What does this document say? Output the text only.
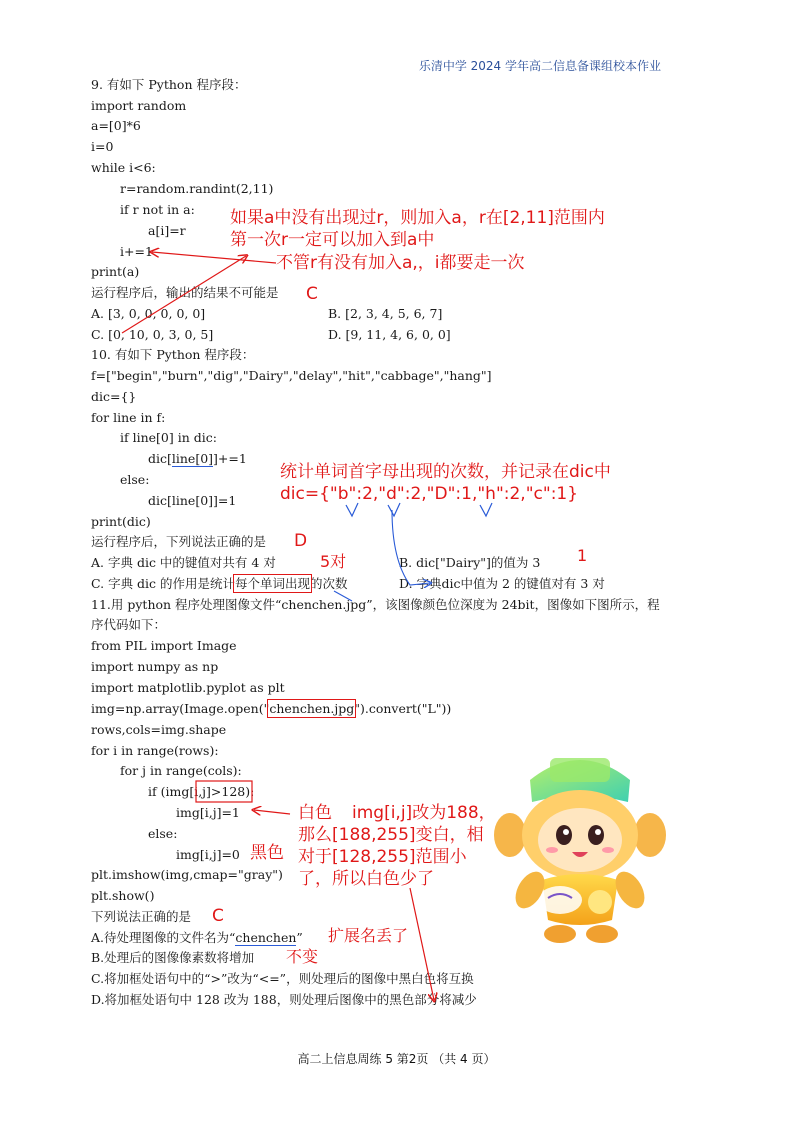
乐清中学 2024 学年高二信息备课组校本作业
9. 有如下 Python 程序段：
import random
a=[0]*6
i=0
while i<6:
r=random.randint(2,11)
if r not in a:
a[i]=r
i+=1
print(a)
运行程序后，输出的结果不可能是
A. [3, 0, 0, 0, 0, 0]	B. [2, 3, 4, 5, 6, 7]
C. [0, 10, 0, 3, 0, 5]	D. [9, 11, 4, 6, 0, 0]
如果a中没有出现过r，则加入a，r在[2,11]范围内
第一次r一定可以加入到a中
不管r有没有加入a,，i都要走一次
C
10. 有如下 Python 程序段：
f=["begin","burn","dig","Dairy","delay","hit","cabbage","hang"]
dic={}
for line in f:
if line[0] in dic:
dic[line[0]]+=1
else:
dic[line[0]]=1
print(dic)
运行程序后，下列说法正确的是
A. 字典 dic 中的键值对共有 4 对	B. dic["Dairy"]的值为 3
C. 字典 dic 的作用是统计每个单词出现的次数	D. 字典dic中值为 2 的键值对有 3 对
统计单词首字母出现的次数，并记录在dic中
dic={"b":2,"d":2,"D":1,"h":2,"c":1}
D
5对	1
11.用 python 程序处理图像文件“chenchen.jpg”，该图像颜色位深度为 24bit，图像如下图所示，程
序代码如下：
from PIL import Image
import numpy as np
import matplotlib.pyplot as plt
img=np.array(Image.open("chenchen.jpg").convert("L"))
rows,cols=img.shape
for i in range(rows):
for j in range(cols):
if (img[i,j]>128):
img[i,j]=1
else:
img[i,j]=0
plt.imshow(img,cmap="gray")
plt.show()
下列说法正确的是
A.待处理图像的文件名为“chenchen”
B.处理后的图像像素数将增加
C.将加框处语句中的“>”改为“<=”，则处理后的图像中黑白色将互换
D.将加框处语句中 128 改为 188，则处理后图像中的黑色部分将减少
白色
黑色
img[i,j]改为188，
那么[188,255]变白，相
对于[128,255]范围小
了，所以白色少了
C
扩展名丢了
不变
高二上信息周练 5 第2页 （共 4 页）
